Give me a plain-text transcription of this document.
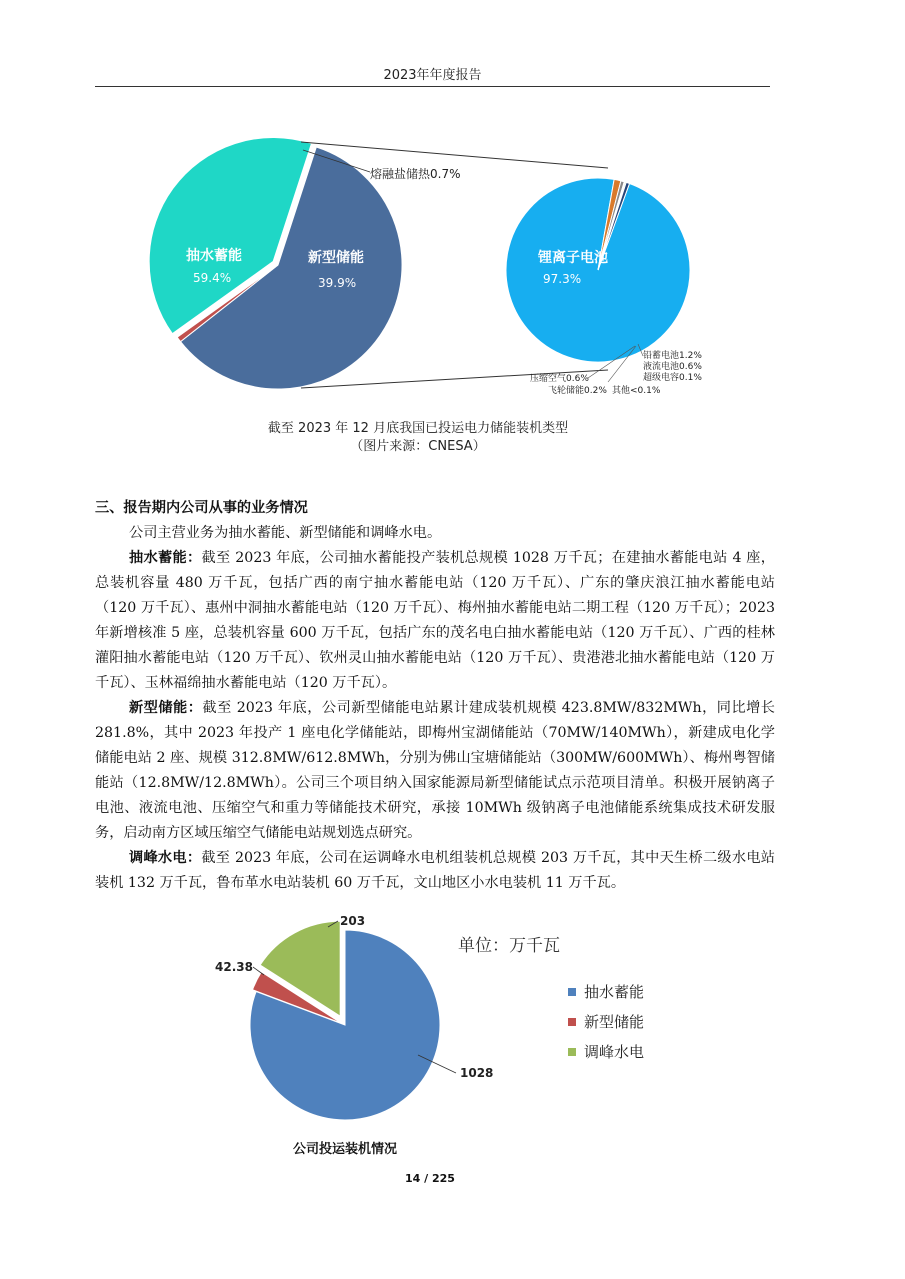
2023年年度报告
熔融盐储热0.7%
抽水蓄能
59.4%
新型储能
39.9%
锂离子电池
97.3%
铅蓄电池1.2%
液流电池0.6%
超级电容0.1%
其他<0.1%
飞轮储能0.2%
压缩空气0.6%
截至 2023 年 12 月底我国已投运电力储能装机类型
（图片来源：CNESA）
三、报告期内公司从事的业务情况

公司主营业务为抽水蓄能、新型储能和调峰水电。

抽水蓄能：截至 2023 年底，公司抽水蓄能投产装机总规模 1028 万千瓦；在建抽水蓄能电站 4 座，总装机容量 480 万千瓦，包括广西的南宁抽水蓄能电站（120 万千瓦）、广东的肇庆浪江抽水蓄能电站（120 万千瓦）、惠州中洞抽水蓄能电站（120 万千瓦）、梅州抽水蓄能电站二期工程（120 万千瓦）；2023 年新增核准 5 座，总装机容量 600 万千瓦，包括广东的茂名电白抽水蓄能电站（120 万千瓦）、广西的桂林灌阳抽水蓄能电站（120 万千瓦）、钦州灵山抽水蓄能电站（120 万千瓦）、贵港港北抽水蓄能电站（120 万千瓦）、玉林福绵抽水蓄能电站（120 万千瓦）。

新型储能：截至 2023 年底，公司新型储能电站累计建成装机规模 423.8MW/832MWh，同比增长 281.8%，其中 2023 年投产 1 座电化学储能站，即梅州宝湖储能站（70MW/140MWh），新建成电化学储能电站 2 座、规模 312.8MW/612.8MWh，分别为佛山宝塘储能站（300MW/600MWh）、梅州粤智储能站（12.8MW/12.8MWh）。公司三个项目纳入国家能源局新型储能试点示范项目清单。积极开展钠离子电池、液流电池、压缩空气和重力等储能技术研究，承接 10MWh 级钠离子电池储能系统集成技术研发服务，启动南方区域压缩空气储能电站规划选点研究。

调峰水电：截至 2023 年底，公司在运调峰水电机组装机总规模 203 万千瓦，其中天生桥二级水电站装机 132 万千瓦，鲁布革水电站装机 60 万千瓦，文山地区小水电装机 11 万千瓦。

203
42.38
1028
单位：万千瓦
抽水蓄能
新型储能
调峰水电
公司投运装机情况
14 / 225
